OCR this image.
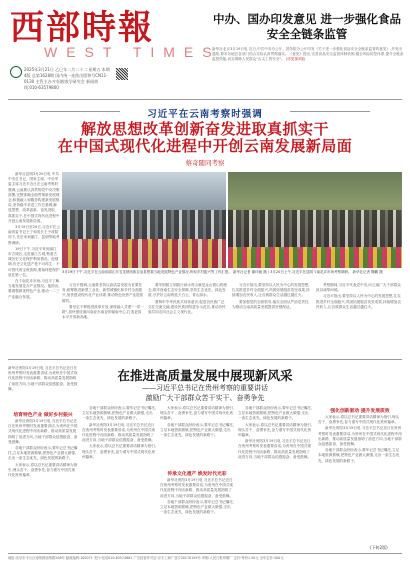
西部時報
WEST TIMES
2025年3月21日 乙巳年二月二十二 星期五 本期4版 总第1628期 国内统一连续出版物号CN11-0130 主管主办:中国税收学研究会 新闻热线:010-63579800
中办、国办印发意见 进一步强化食品安全全链条监管
新华社北京3月19日电 近日,中共中央办公厅、国务院办公厅印发《关于进一步强化食品安全全链条监管的意见》,并发出通知,要求各地区各部门结合实际认真贯彻落实。《意见》提出,完善食品安全监管体制机制,健全风险防控体系,提升全链条监管效能,切实保障人民群众"舌尖上的安全"。 (详见第2版)
习近平在云南考察时强调
解放思想改革创新奋发进取真抓实干
在中国式现代化进程中开创云南发展新局面
蔡奇随同考察

新华社昆明3月20日电 中共中央总书记、国家主席、中央军委主席习近平近日在云南考察时强调,云南要认真贯彻党中央决策部署,完整准确全面贯彻新发展理念,积极融入和服务构建新发展格局,坚持稳中求进工作总基调,解放思想、改革创新、奋发进取、真抓实干,在中国式现代化进程中开创云南发展新局面。

3月19日至20日,习近平在云南省委书记王宁和省长王予波陪同下,先后来到丽江、昆明等地考察调研。

19日下午,习近平来到丽江市古城区,走进丽江古城,察看古城历史文化保护利用情况。他强调,历史文化遗产是不可再生、不可替代的宝贵资源,要始终把保护放在第一位。

在斗南花卉市场,习近平了解当地发展花卉产业情况。他指出,要做强做优特色产业,推动一二三产业融合发展。

3月19日下午,习近平在云南省丽江市玉龙纳西族自治县察看当地发展特色产业情况,听取乡村振兴等工作汇报。 新华社记者 谢环驰 摄 / 3月20日上午,习近平在昆明斗南花卉市场考察调研。 新华社记者 鞠鹏 摄

习近平强调,云南要坚持以高质量发展为首要任务,统筹推进新型工业化、新型城镇化和乡村全面振兴,加快建设现代化产业体系,推动特色优势产业提质增效。

要坚定不移推进改革开放,深度融入共建"一带一路",加快建设面向南亚东南亚的辐射中心,打造更高水平开放新高地。

要牢固树立和践行绿水青山就是金山银山的理念,筑牢西南生态安全屏障,坚持生态优先、绿色发展,守护好云南的蓝天白云、青山绿水。

要铸牢中华民族共同体意识,促进各民族广泛交往交流交融,建设民族团结进步示范区,推动各民族共同走向社会主义现代化。

习近平指出,要坚持以人民为中心的发展思想,扎实推进乡村全面振兴,巩固拓展脱贫攻坚成果,持续增加农民收入,让各族群众生活越过越红火。

要加强党的全面领导,落实全面从严治党责任,为推动云南高质量发展提供坚强保证。

考察期间,习近平代表党中央,向云南广大干部群众致以诚挚问候。

习近平指出,要坚持以人民为中心的发展思想,扎实推进乡村全面振兴,巩固拓展脱贫攻坚成果,持续增加农民收入,让各族群众生活越过越红火。

在推进高质量发展中展现新风采
——习近平总书记在贵州考察的重要讲话
激励广大干部群众苦干实干、奋勇争先
新华社贵阳3月19日电 习近平总书记近日在贵州考察时发表重要讲话,为贵州在中国式现代化进程中闯出新路、推动高质量发展指明了前进方向,当地干部群众倍感振奋、备受鼓舞。
培育特色产业 做好乡村振兴

新华社贵阳3月19日电 习近平总书记近日在贵州考察时发表重要讲话,为贵州在中国式现代化进程中闯出新路、推动高质量发展指明了前进方向,当地干部群众倍感振奋、备受鼓舞。

各地干部群众纷纷表示,要牢记总书记嘱托,立足本地资源禀赋,把特色产业做大做强,走出一条生态优先、绿色发展的新路子。

大家表示,将以总书记重要讲话精神为指引,埋头苦干、奋勇争先,奋力谱写中国式现代化贵州篇章。

各地干部群众纷纷表示,要牢记总书记嘱托,立足本地资源禀赋,把特色产业做大做强,走出一条生态优先、绿色发展的新路子。

新华社贵阳3月19日电 习近平总书记近日在贵州考察时发表重要讲话,为贵州在中国式现代化进程中闯出新路、推动高质量发展指明了前进方向,当地干部群众倍感振奋、备受鼓舞。

大家表示,将以总书记重要讲话精神为指引,埋头苦干、奋勇争先,奋力谱写中国式现代化贵州篇章。

传承文化遗产 焕发时代光彩

大家表示,将以总书记重要讲话精神为指引,埋头苦干、奋勇争先,奋力谱写中国式现代化贵州篇章。

各地干部群众纷纷表示,要牢记总书记嘱托,立足本地资源禀赋,把特色产业做大做强,走出一条生态优先、绿色发展的新路子。

新华社贵阳3月19日电 习近平总书记近日在贵州考察时发表重要讲话,为贵州在中国式现代化进程中闯出新路、推动高质量发展指明了前进方向,当地干部群众倍感振奋、备受鼓舞。

各地干部群众纷纷表示,要牢记总书记嘱托,立足本地资源禀赋,把特色产业做大做强,走出一条生态优先、绿色发展的新路子。

各地干部群众纷纷表示,要牢记总书记嘱托,立足本地资源禀赋,把特色产业做大做强,走出一条生态优先、绿色发展的新路子。

大家表示,将以总书记重要讲话精神为指引,埋头苦干、奋勇争先,奋力谱写中国式现代化贵州篇章。

新华社贵阳3月19日电 习近平总书记近日在贵州考察时发表重要讲话,为贵州在中国式现代化进程中闯出新路、推动高质量发展指明了前进方向,当地干部群众倍感振奋、备受鼓舞。

强化创新驱动 提升发展质效

大家表示,将以总书记重要讲话精神为指引,埋头苦干、奋勇争先,奋力谱写中国式现代化贵州篇章。

新华社贵阳3月19日电 习近平总书记近日在贵州考察时发表重要讲话,为贵州在中国式现代化进程中闯出新路、推动高质量发展指明了前进方向,当地干部群众倍感振奋、备受鼓舞。

各地干部群众纷纷表示,要牢记总书记嘱托,立足本地资源禀赋,把特色产业做大做强,走出一条生态优先、绿色发展的新路子。

(下转2版)
地址:北京市丰台区南苑路南苑路208号 邮政编码:100071 发行:电话010-63574861 广告经营许可证:京丰工商广登字20170159号 印刷:人民日报印刷厂 定价:每份1.50元 全年定价:300元
